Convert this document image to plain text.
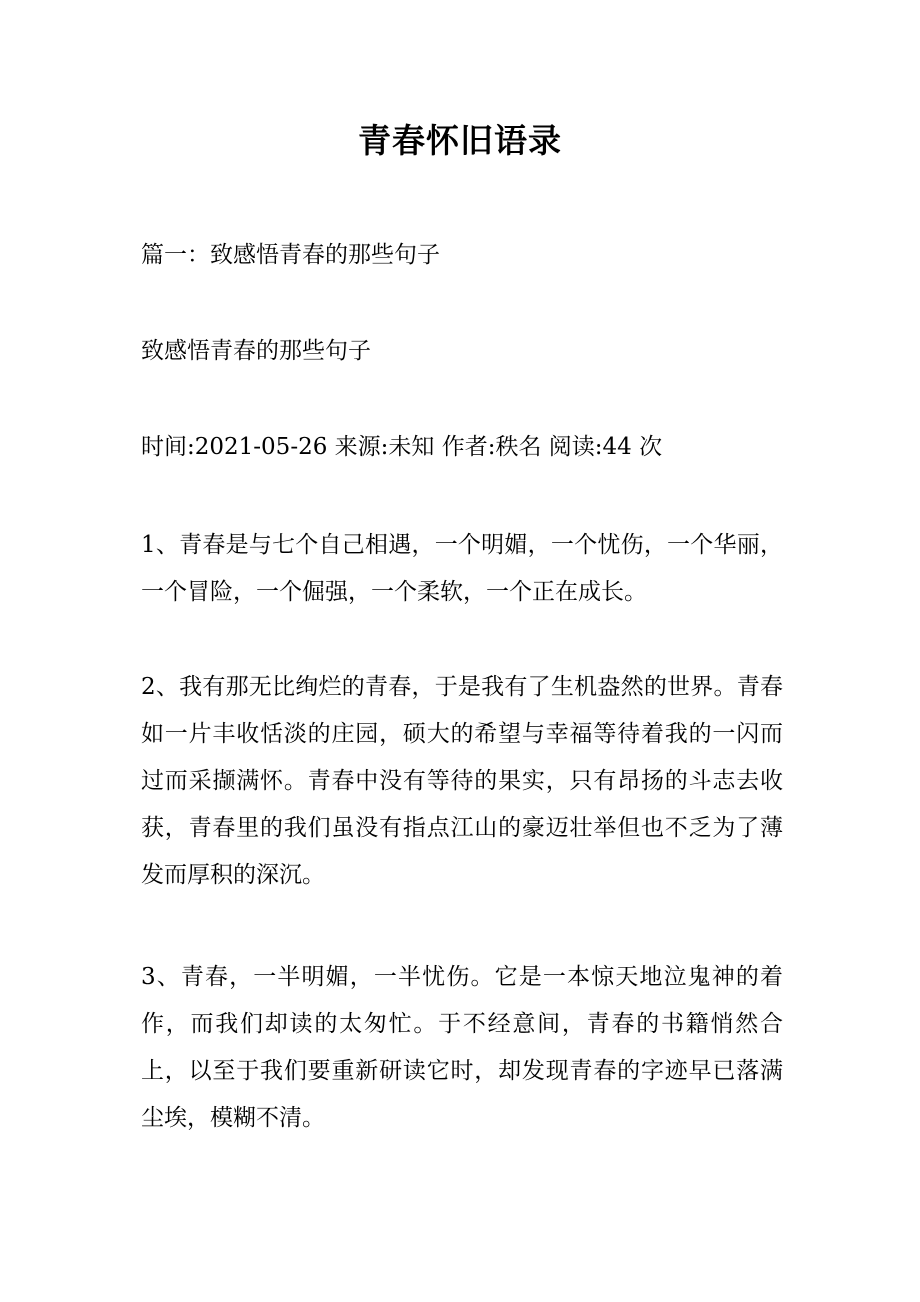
青春怀旧语录

篇一：致感悟青春的那些句子

致感悟青春的那些句子

时间:2021-05-26 来源:未知 作者:秩名 阅读:44 次

1、青春是与七个自己相遇，一个明媚，一个忧伤，一个华丽，一个冒险，一个倔强，一个柔软，一个正在成长。

2、我有那无比绚烂的青春，于是我有了生机盎然的世界。青春如一片丰收恬淡的庄园，硕大的希望与幸福等待着我的一闪而过而采撷满怀。青春中没有等待的果实，只有昂扬的斗志去收获，青春里的我们虽没有指点江山的豪迈壮举但也不乏为了薄发而厚积的深沉。

3、青春，一半明媚，一半忧伤。它是一本惊天地泣鬼神的着作，而我们却读的太匆忙。于不经意间，青春的书籍悄然合上，以至于我们要重新研读它时，却发现青春的字迹早已落满尘埃，模糊不清。
